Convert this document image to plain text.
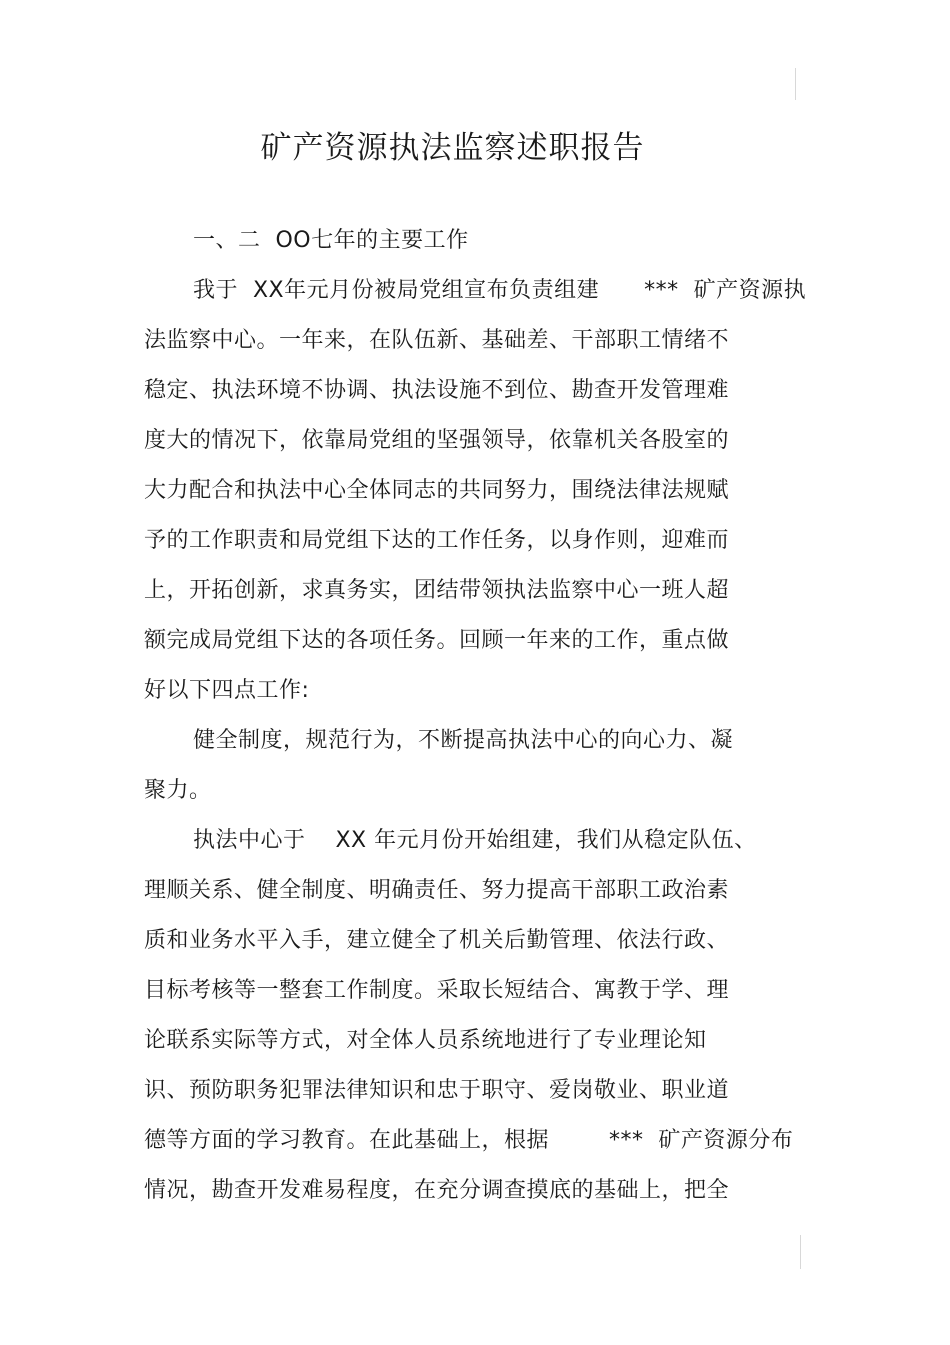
矿产资源执法监察述职报告
一、二  OO七年的主要工作
我于  XX年元月份被局党组宣布负责组建      ***  矿产资源执
法监察中心。一年来，在队伍新、基础差、干部职工情绪不
稳定、执法环境不协调、执法设施不到位、勘查开发管理难
度大的情况下，依靠局党组的坚强领导，依靠机关各股室的
大力配合和执法中心全体同志的共同努力，围绕法律法规赋
予的工作职责和局党组下达的工作任务，以身作则，迎难而
上，开拓创新，求真务实，团结带领执法监察中心一班人超
额完成局党组下达的各项任务。回顾一年来的工作，重点做
好以下四点工作:
健全制度，规范行为，不断提高执法中心的向心力、凝
聚力。
执法中心于    XX 年元月份开始组建，我们从稳定队伍、
理顺关系、健全制度、明确责任、努力提高干部职工政治素
质和业务水平入手，建立健全了机关后勤管理、依法行政、
目标考核等一整套工作制度。采取长短结合、寓教于学、理
论联系实际等方式，对全体人员系统地进行了专业理论知
识、预防职务犯罪法律知识和忠于职守、爱岗敬业、职业道
德等方面的学习教育。在此基础上，根据        ***  矿产资源分布
情况，勘查开发难易程度，在充分调查摸底的基础上，把全
